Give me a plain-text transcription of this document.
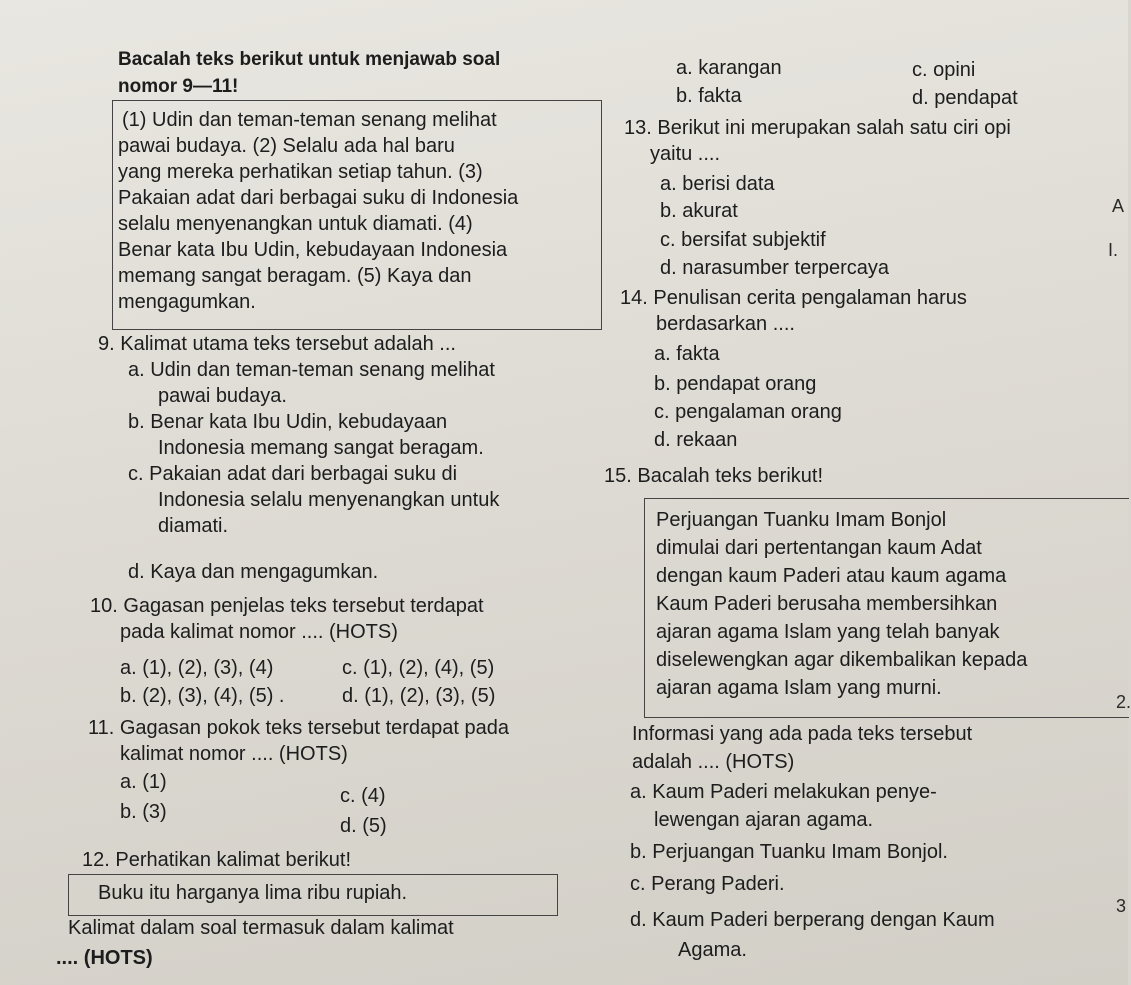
Bacalah teks berikut untuk menjawab soal
nomor 9—11!
(1) Udin dan teman-teman senang melihat
pawai budaya. (2) Selalu ada hal baru
yang mereka perhatikan setiap tahun. (3)
Pakaian adat dari berbagai suku di Indonesia
selalu menyenangkan untuk diamati. (4)
Benar kata Ibu Udin, kebudayaan Indonesia
memang sangat beragam. (5) Kaya dan
mengagumkan.
9. Kalimat utama teks tersebut adalah ...
a. Udin dan teman-teman senang melihat
pawai budaya.
b. Benar kata Ibu Udin, kebudayaan
Indonesia memang sangat beragam.
c. Pakaian adat dari berbagai suku di
Indonesia selalu menyenangkan untuk
diamati.
d. Kaya dan mengagumkan.
10. Gagasan penjelas teks tersebut terdapat
pada kalimat nomor .... (HOTS)
a. (1), (2), (3), (4)	c. (1), (2), (4), (5)
b. (2), (3), (4), (5) .	d. (1), (2), (3), (5)
11. Gagasan pokok teks tersebut terdapat pada
kalimat nomor .... (HOTS)
a. (1)
c. (4)
b. (3)
d. (5)
12. Perhatikan kalimat berikut!
Buku itu harganya lima ribu rupiah.
Kalimat dalam soal termasuk dalam kalimat
.... (HOTS)
a. karangan	c. opini
b. fakta	d. pendapat
13. Berikut ini merupakan salah satu ciri opi
yaitu ....
a. berisi data
b. akurat
c. bersifat subjektif
d. narasumber terpercaya
14. Penulisan cerita pengalaman harus
berdasarkan ....
a. fakta
b. pendapat orang
c. pengalaman orang
d. rekaan
15. Bacalah teks berikut!
Perjuangan Tuanku Imam Bonjol
dimulai dari pertentangan kaum Adat
dengan kaum Paderi atau kaum agama
Kaum Paderi berusaha membersihkan
ajaran agama Islam yang telah banyak
diselewengkan agar dikembalikan kepada
ajaran agama Islam yang murni.
Informasi yang ada pada teks tersebut
adalah .... (HOTS)
a. Kaum Paderi melakukan penye-
lewengan ajaran agama.
b. Perjuangan Tuanku Imam Bonjol.
c. Perang Paderi.
d. Kaum Paderi berperang dengan Kaum
Agama.
A
I.
2.
3
